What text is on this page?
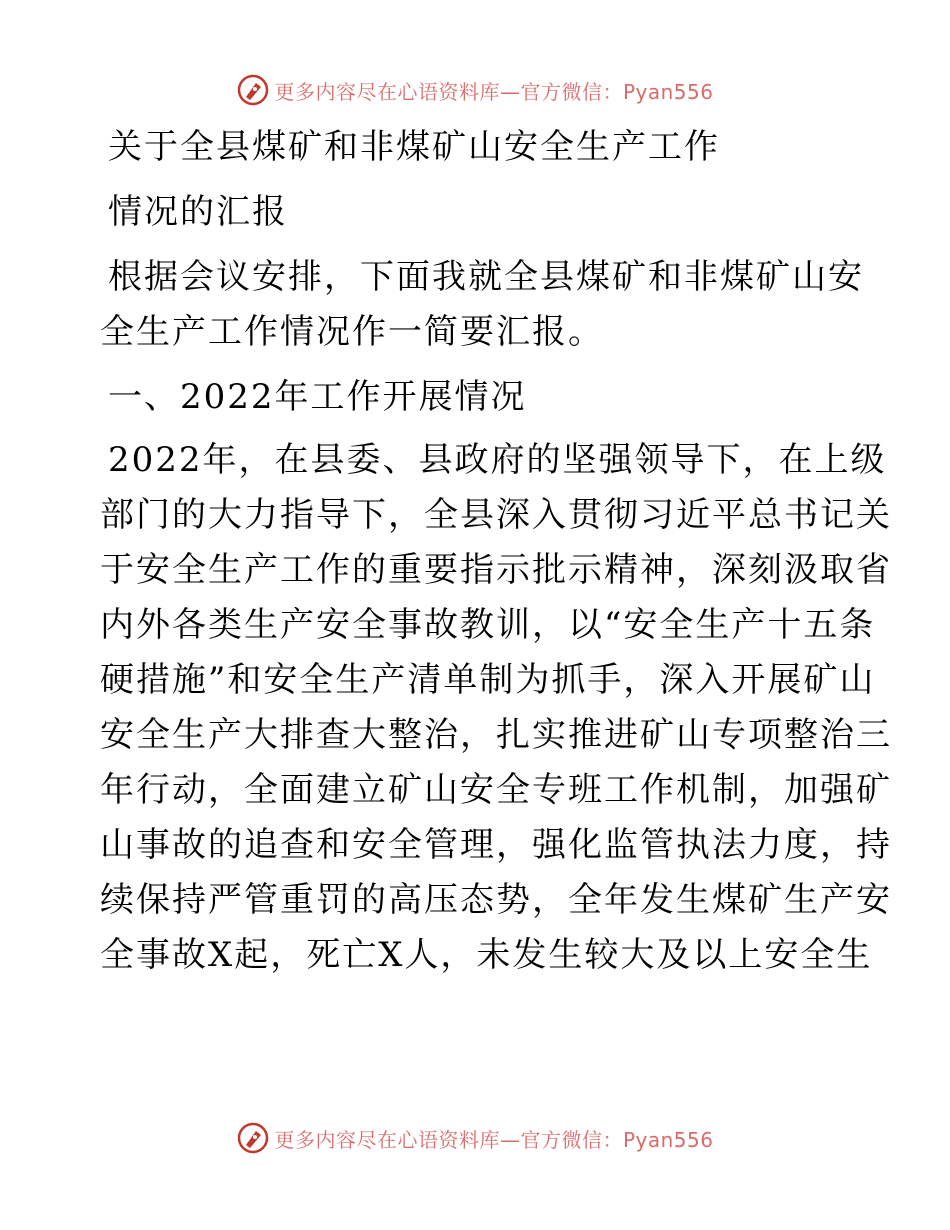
更多内容尽在心语资料库—官方微信：Pyan556

关于全县煤矿和非煤矿山安全生产工作

情况的汇报

根据会议安排，下面我就全县煤矿和非煤矿山安

全生产工作情况作一简要汇报。

一、2022年工作开展情况

2022年，在县委、县政府的坚强领导下，在上级

部门的大力指导下，全县深入贯彻习近平总书记关

于安全生产工作的重要指示批示精神，深刻汲取省

内外各类生产安全事故教训，以“安全生产十五条

硬措施”和安全生产清单制为抓手，深入开展矿山

安全生产大排查大整治，扎实推进矿山专项整治三

年行动，全面建立矿山安全专班工作机制，加强矿

山事故的追查和安全管理，强化监管执法力度，持

续保持严管重罚的高压态势，全年发生煤矿生产安

全事故X起，死亡X人，未发生较大及以上安全生

更多内容尽在心语资料库—官方微信：Pyan556
